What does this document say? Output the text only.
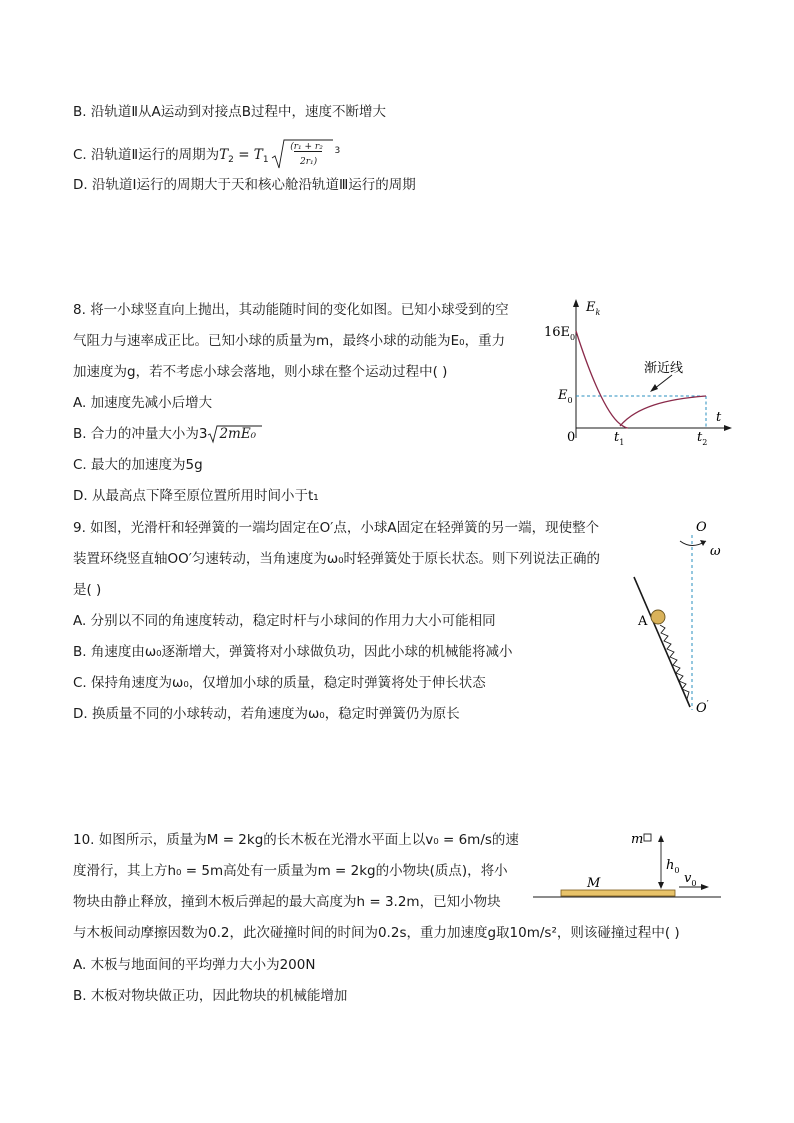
B. 沿轨道Ⅱ从A运动到对接点B过程中，速度不断增大
C. 沿轨道Ⅱ运行的周期为$T_2 = T_1 \frac{\text{(r₁ + r₂}}{\text{2r₁)}} ^3$
D. 沿轨道Ⅰ运行的周期大于天和核心舱沿轨道Ⅲ运行的周期
8. 将一小球竖直向上抛出，其动能随时间的变化如图。已知小球受到的空
气阻力与速率成正比。已知小球的质量为m，最终小球的动能为E₀，重力
加速度为g，若不考虑小球会落地，则小球在整个运动过程中( )
A. 加速度先减小后增大
B. 合力的冲量大小为3 2mE₀
C. 最大的加速度为5g
D. 从最高点下降至原位置所用时间小于t₁
$E_k$
$16E_0$
$E_0$
0	$t_1$	$t_2$
t
渐近线
9. 如图，光滑杆和轻弹簧的一端均固定在O′点，小球A固定在轻弹簧的另一端，现使整个
装置环绕竖直轴OO′匀速转动，当角速度为ω₀时轻弹簧处于原长状态。则下列说法正确的
是( )
A. 分别以不同的角速度转动，稳定时杆与小球间的作用力大小可能相同
B. 角速度由ω₀逐渐增大，弹簧将对小球做负功，因此小球的机械能将减小
C. 保持角速度为ω₀，仅增加小球的质量，稳定时弹簧将处于伸长状态
D. 换质量不同的小球转动，若角速度为ω₀，稳定时弹簧仍为原长
O
O′
ω
A
10. 如图所示，质量为M = 2kg的长木板在光滑水平面上以v₀ = 6m/s的速
度滑行，其上方h₀ = 5m高处有一质量为m = 2kg的小物块(质点)，将小
物块由静止释放，撞到木板后弹起的最大高度为h = 3.2m，已知小物块
与木板间动摩擦因数为0.2，此次碰撞时间的时间为0.2s，重力加速度g取10m/s²，则该碰撞过程中( )
A. 木板与地面间的平均弹力大小为200N
B. 木板对物块做正功，因此物块的机械能增加
m
M
$h_0$
$v_0$
